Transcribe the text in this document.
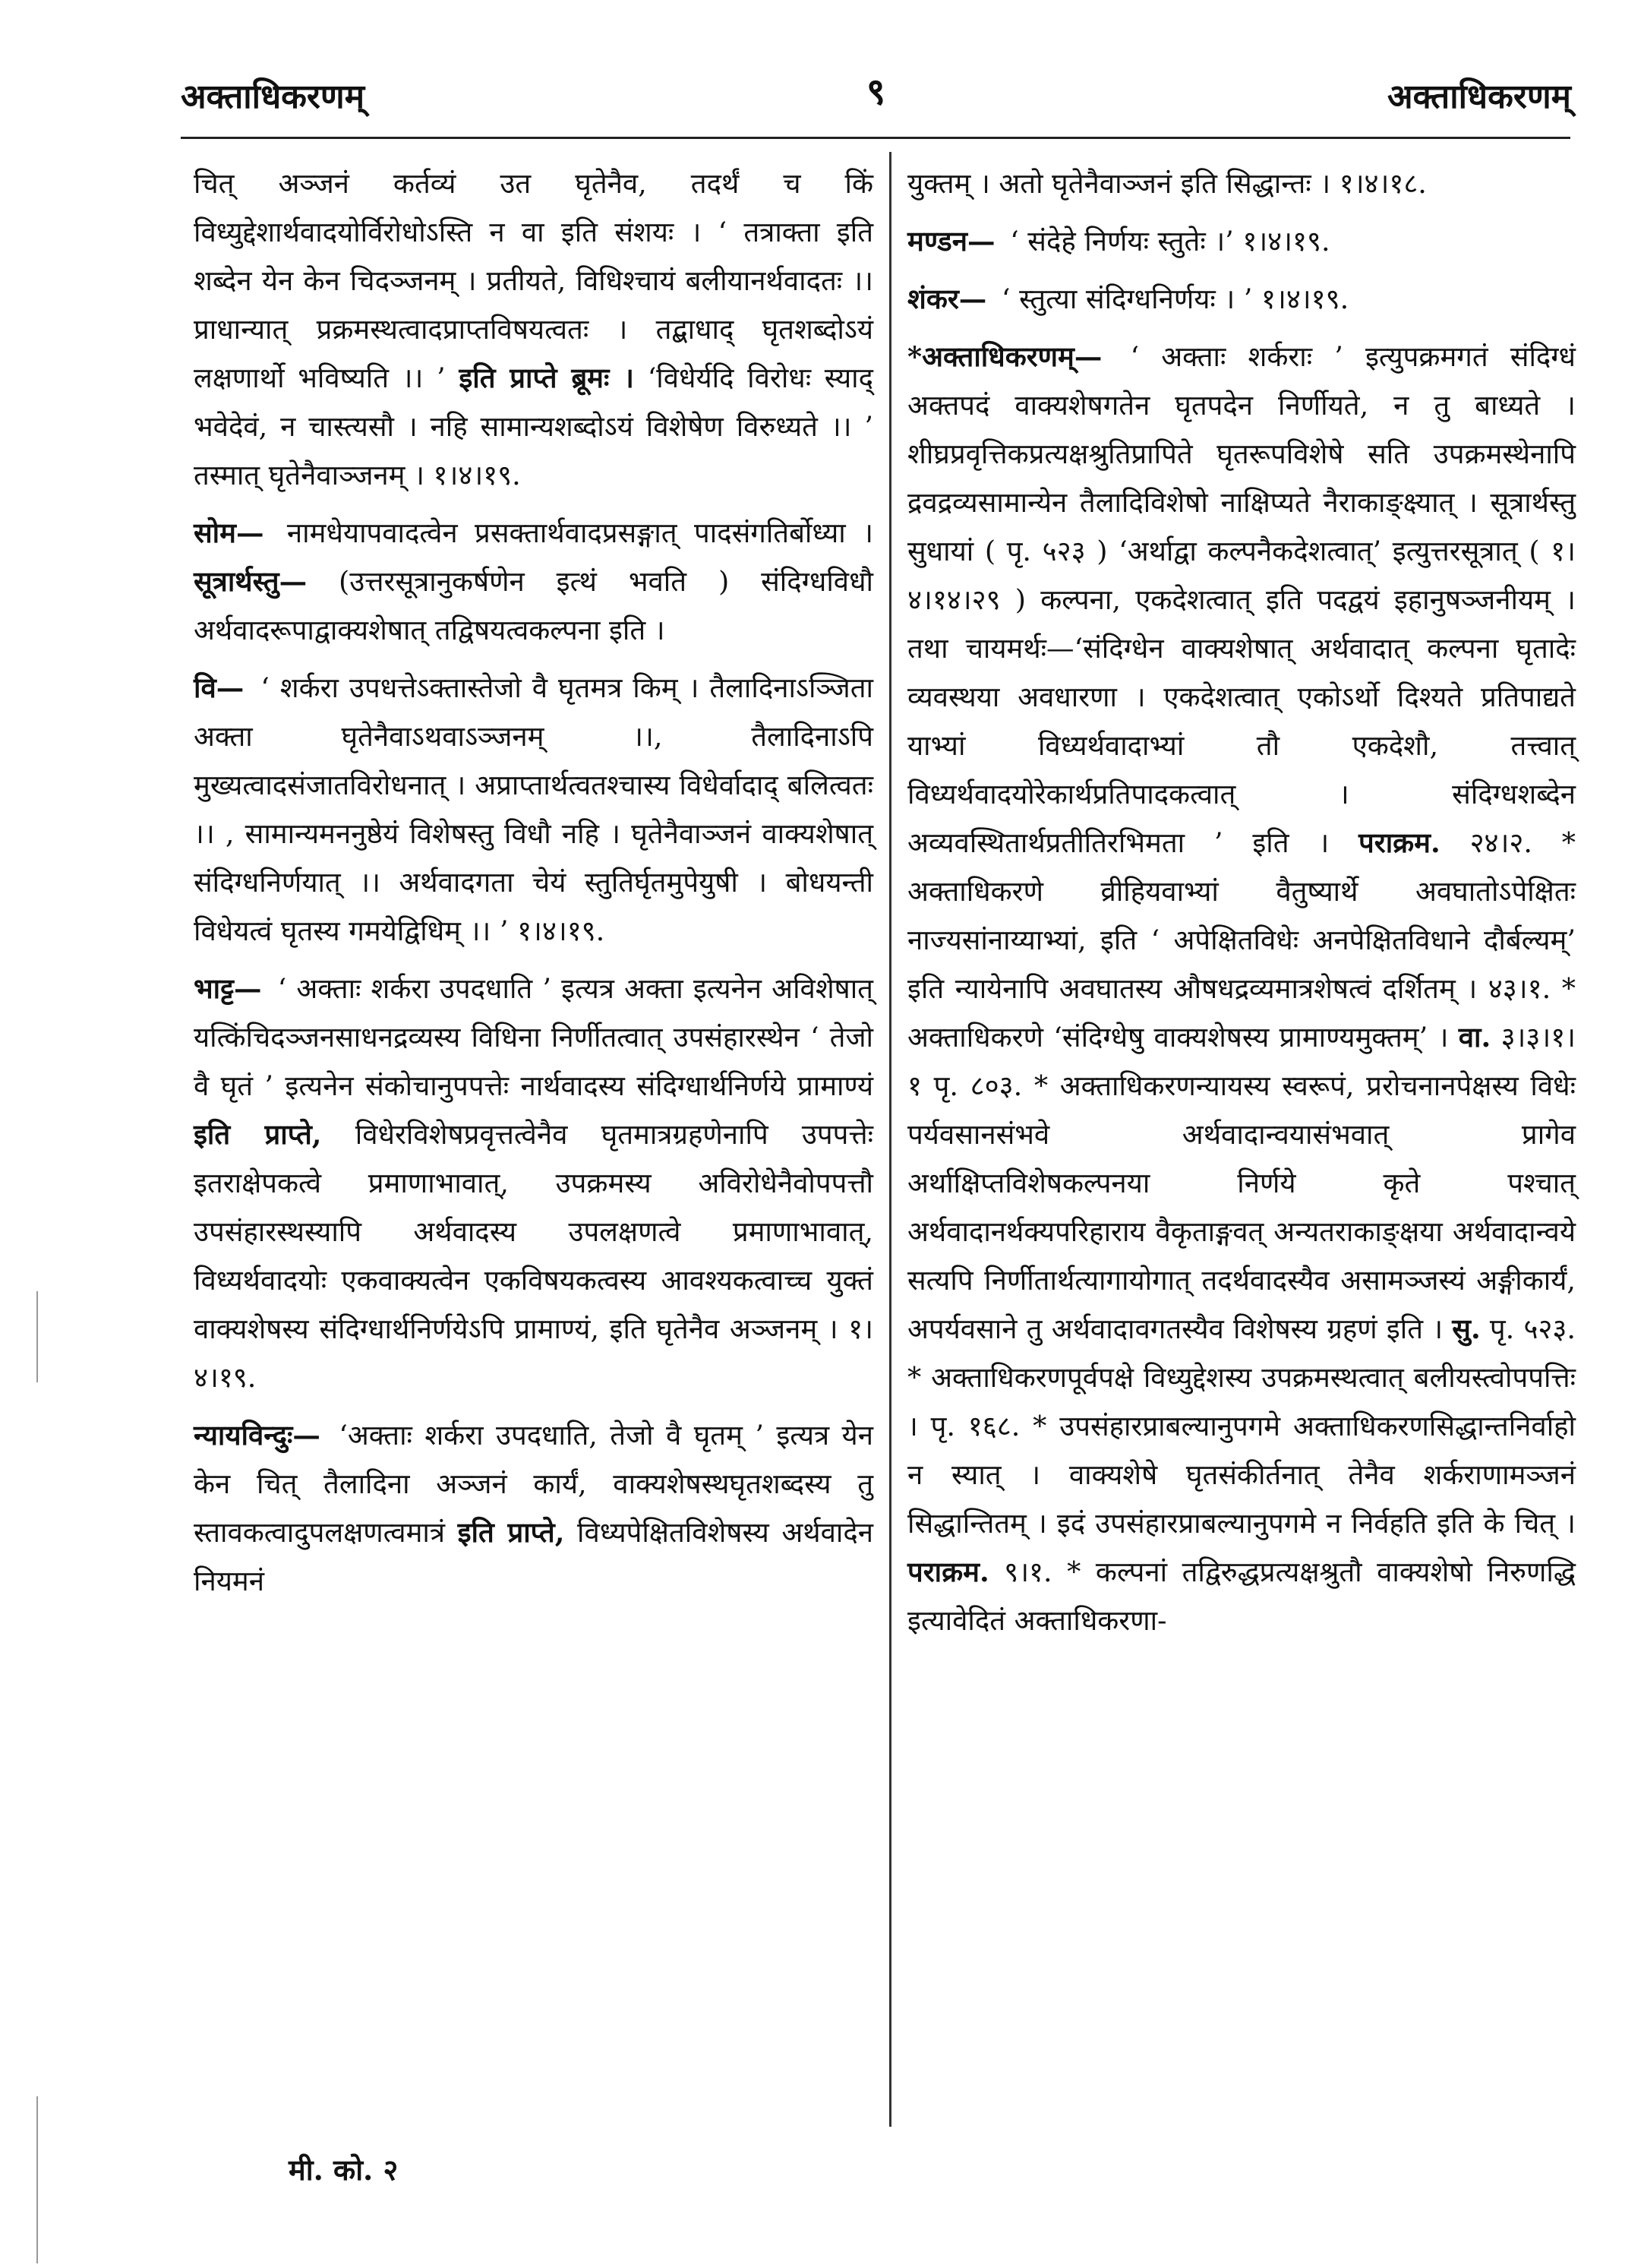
अक्ताधिकरणम्	९	अक्ताधिकरणम्

चित् अञ्जनं कर्तव्यं उत घृतेनैव, तदर्थं च किं विध्युद्देशार्थवादयोर्विरोधोऽस्ति न वा इति संशयः । ‘ तत्राक्ता इति शब्देन येन केन चिदञ्जनम् । प्रतीयते, विधिश्चायं बलीयानर्थवादतः ।। प्राधान्यात् प्रक्रमस्थत्वादप्राप्तविषयत्वतः । तद्बाधाद् घृतशब्दोऽयं लक्षणार्थो भविष्यति ।। ’ इति प्राप्ते ब्रूमः । ‘विधेर्यदि विरोधः स्याद् भवेदेवं, न चास्त्यसौ । नहि सामान्यशब्दोऽयं विशेषेण विरुध्यते ।। ’ तस्मात् घृतेनैवाञ्जनम् । १।४।१९.

सोम— नामधेयापवादत्वेन प्रसक्तार्थवादप्रसङ्गात् पादसंगतिर्बोध्या । सूत्रार्थस्तु— (उत्तरसूत्रानुकर्षणेन इत्थं भवति ) संदिग्धविधौ अर्थवादरूपाद्वाक्यशेषात् तद्विषयत्वकल्पना इति ।

वि— ‘ शर्करा उपधत्तेऽक्तास्तेजो वै घृतमत्र किम् । तैलादिनाऽञ्जिता अक्ता घृतेनैवाऽथवाऽञ्जनम् ।।, तैलादिनाऽपि मुख्यत्वादसंजातविरोधनात् । अप्राप्तार्थत्वतश्चास्य विधेर्वादाद् बलित्वतः ।। , सामान्यमननुष्ठेयं विशेषस्तु विधौ नहि । घृतेनैवाञ्जनं वाक्यशेषात् संदिग्धनिर्णयात् ।। अर्थवादगता चेयं स्तुतिर्घृतमुपेयुषी । बोधयन्ती विधेयत्वं घृतस्य गमयेद्विधिम् ।। ’ १।४।१९.

भाट्ट— ‘ अक्ताः शर्करा उपदधाति ’ इत्यत्र अक्ता इत्यनेन अविशेषात् यत्किंचिदञ्जनसाधनद्रव्यस्य विधिना निर्णीतत्वात् उपसंहारस्थेन ‘ तेजो वै घृतं ’ इत्यनेन संकोचानुपपत्तेः नार्थवादस्य संदिग्धार्थनिर्णये प्रामाण्यं इति प्राप्ते, विधेरविशेषप्रवृत्तत्वेनैव घृतमात्रग्रहणेनापि उपपत्तेः इतराक्षेपकत्वे प्रमाणाभावात्, उपक्रमस्य अविरोधेनैवोपपत्तौ उपसंहारस्थस्यापि अर्थवादस्य उपलक्षणत्वे प्रमाणाभावात्, विध्यर्थवादयोः एकवाक्यत्वेन एकविषयकत्वस्य आवश्यकत्वाच्च युक्तं वाक्यशेषस्य संदिग्धार्थनिर्णयेऽपि प्रामाण्यं, इति घृतेनैव अञ्जनम् । १।४।१९.

न्यायविन्दुः— ‘अक्ताः शर्करा उपदधाति, तेजो वै घृतम् ’ इत्यत्र येन केन चित् तैलादिना अञ्जनं कार्यं, वाक्यशेषस्थघृतशब्दस्य तु स्तावकत्वादुपलक्षणत्वमात्रं इति प्राप्ते, विध्यपेक्षितविशेषस्य अर्थवादेन नियमनं

युक्तम् । अतो घृतेनैवाञ्जनं इति सिद्धान्तः । १।४।१८.

मण्डन— ‘ संदेहे निर्णयः स्तुतेः ।’ १।४।१९.

शंकर— ‘ स्तुत्या संदिग्धनिर्णयः । ’ १।४।१९.

*अक्ताधिकरणम्— ‘ अक्ताः शर्कराः ’ इत्युपक्रमगतं संदिग्धं अक्तपदं वाक्यशेषगतेन घृतपदेन निर्णीयते, न तु बाध्यते । शीघ्रप्रवृत्तिकप्रत्यक्षश्रुतिप्रापिते घृतरूपविशेषे सति उपक्रमस्थेनापि द्रवद्रव्यसामान्येन तैलादिविशेषो नाक्षिप्यते नैराकाङ्क्ष्यात् । सूत्रार्थस्तु सुधायां ( पृ. ५२३ ) ‘अर्थाद्वा कल्पनैकदेशत्वात्’ इत्युत्तरसूत्रात् ( १।४।१४।२९ ) कल्पना, एकदेशत्वात् इति पदद्वयं इहानुषञ्जनीयम् । तथा चायमर्थः—‘संदिग्धेन वाक्यशेषात् अर्थवादात् कल्पना घृतादेः व्यवस्थया अवधारणा । एकदेशत्वात् एकोऽर्थो दिश्यते प्रतिपाद्यते याभ्यां विध्यर्थवादाभ्यां तौ एकदेशौ, तत्त्वात् विध्यर्थवादयोरेकार्थप्रतिपादकत्वात् । संदिग्धशब्देन अव्यवस्थितार्थप्रतीतिरभिमता ’ इति । पराक्रम. २४।२. * अक्ताधिकरणे व्रीहियवाभ्यां वैतुष्यार्थे अवघातोऽपेक्षितः नाज्यसांनाय्याभ्यां, इति ‘ अपेक्षितविधेः अनपेक्षितविधाने दौर्बल्यम्’ इति न्यायेनापि अवघातस्य औषधद्रव्यमात्रशेषत्वं दर्शितम् । ४३।१. * अक्ताधिकरणे ‘संदिग्धेषु वाक्यशेषस्य प्रामाण्यमुक्तम्’ । वा. ३।३।१।१ पृ. ८०३. * अक्ताधिकरणन्यायस्य स्वरूपं, प्ररोचनानपेक्षस्य विधेः पर्यवसानसंभवे अर्थवादान्वयासंभवात् प्रागेव अर्थाक्षिप्तविशेषकल्पनया निर्णये कृते पश्चात् अर्थवादानर्थक्यपरिहाराय वैकृताङ्गवत् अन्यतराकाङ्क्षया अर्थवादान्वये सत्यपि निर्णीतार्थत्यागायोगात् तदर्थवादस्यैव असामञ्जस्यं अङ्गीकार्यं, अपर्यवसाने तु अर्थवादावगतस्यैव विशेषस्य ग्रहणं इति । सु. पृ. ५२३. * अक्ताधिकरणपूर्वपक्षे विध्युद्देशस्य उपक्रमस्थत्वात् बलीयस्त्वोपपत्तिः । पृ. १६८. * उपसंहारप्राबल्यानुपगमे अक्ताधिकरणसिद्धान्तनिर्वाहो न स्यात् । वाक्यशेषे घृतसंकीर्तनात् तेनैव शर्कराणामञ्जनं सिद्धान्तितम् । इदं उपसंहारप्राबल्यानुपगमे न निर्वहति इति के चित् । पराक्रम. ९।१. * कल्पनां तद्विरुद्धप्रत्यक्षश्रुतौ वाक्यशेषो निरुणद्धि इत्यावेदितं अक्ताधिकरणा-

मी. को. २
